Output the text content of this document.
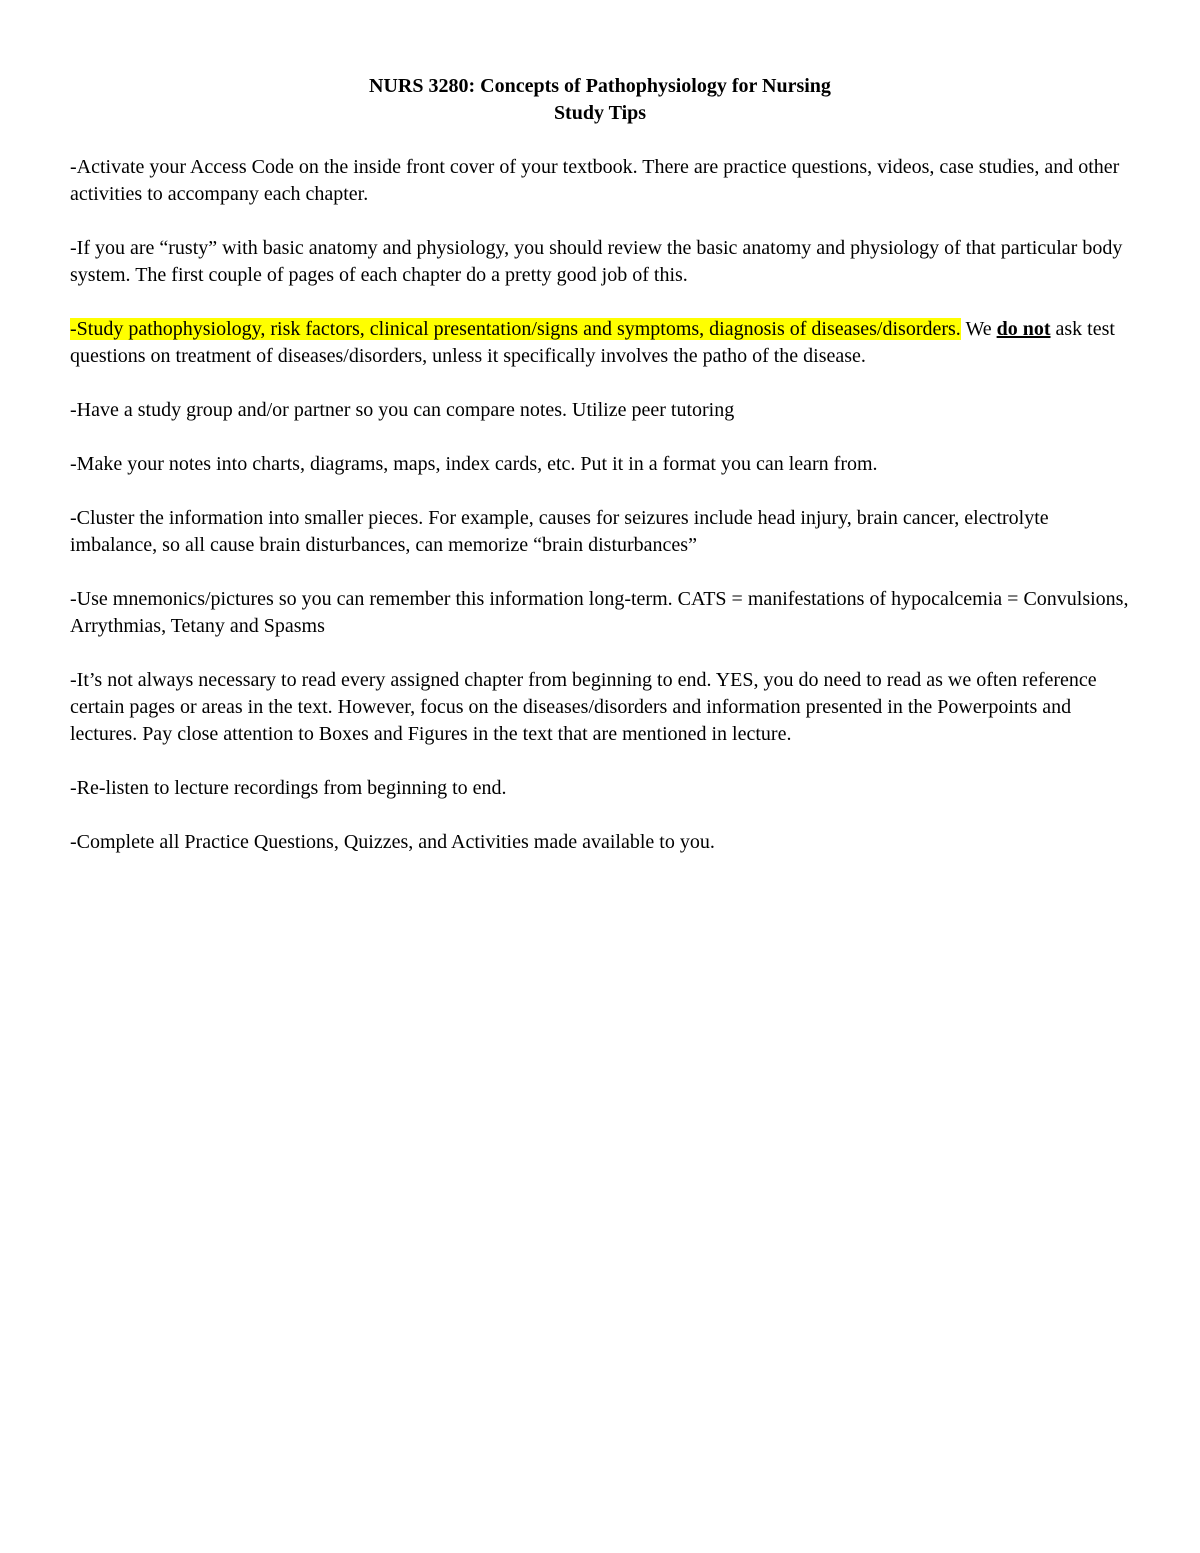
NURS 3280: Concepts of Pathophysiology for Nursing
Study Tips

-Activate your Access Code on the inside front cover of your textbook. There are practice questions, videos, case studies, and other activities to accompany each chapter.

-If you are “rusty” with basic anatomy and physiology, you should review the basic anatomy and physiology of that particular body system. The first couple of pages of each chapter do a pretty good job of this.

-Study pathophysiology, risk factors, clinical presentation/signs and symptoms, diagnosis of diseases/disorders. We do not ask test questions on treatment of diseases/disorders, unless it specifically involves the patho of the disease.

-Have a study group and/or partner so you can compare notes. Utilize peer tutoring

-Make your notes into charts, diagrams, maps, index cards, etc. Put it in a format you can learn from.

-Cluster the information into smaller pieces. For example, causes for seizures include head injury, brain cancer, electrolyte imbalance, so all cause brain disturbances, can memorize “brain disturbances”

-Use mnemonics/pictures so you can remember this information long-term. CATS = manifestations of hypocalcemia = Convulsions, Arrythmias, Tetany and Spasms

-It’s not always necessary to read every assigned chapter from beginning to end. YES, you do need to read as we often reference certain pages or areas in the text. However, focus on the diseases/disorders and information presented in the Powerpoints and lectures. Pay close attention to Boxes and Figures in the text that are mentioned in lecture.

-Re-listen to lecture recordings from beginning to end.

-Complete all Practice Questions, Quizzes, and Activities made available to you.
